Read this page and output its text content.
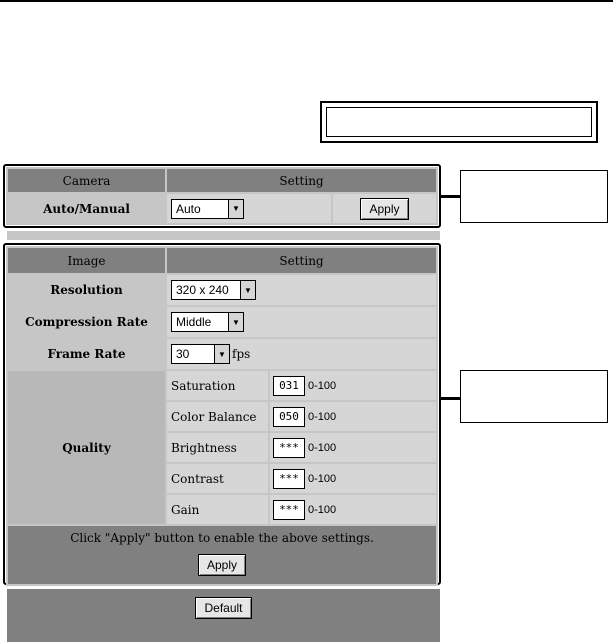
Camera	Setting	
Auto/Manual	Auto ▼	Apply
Image	Setting	
Resolution	320 x 240 ▼	

Compression Rate	Middle ▼	

Frame Rate	30 ▼ fps	
Quality	Saturation	031 0-100
	Color Balance	050 0-100
	Brightness	*** 0-100
	Contrast	*** 0-100
	Gain	*** 0-100

Click "Apply" button to enable the above settings.
Apply		
Default
